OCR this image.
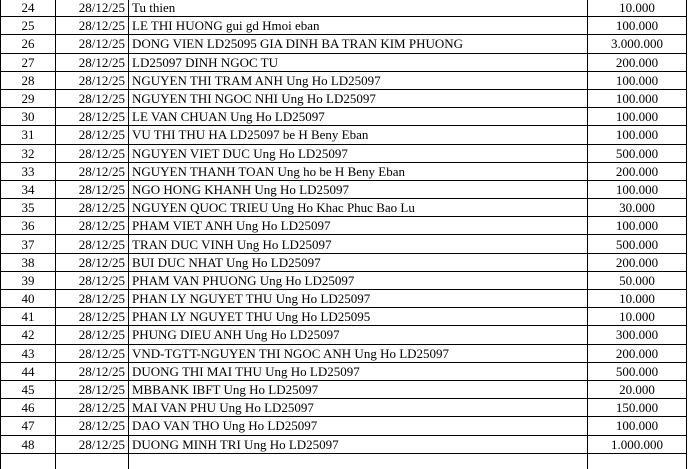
24	28/12/25	Tu thien	10.000
25	28/12/25	LE THI HUONG gui gd Hmoi eban	100.000
26	28/12/25	DONG VIEN LD25095 GIA DINH BA TRAN KIM PHUONG	3.000.000
27	28/12/25	LD25097 DINH NGOC TU	200.000
28	28/12/25	NGUYEN THI TRAM ANH Ung Ho LD25097	100.000
29	28/12/25	NGUYEN THI NGOC NHI Ung Ho LD25097	100.000
30	28/12/25	LE VAN CHUAN Ung Ho LD25097	100.000
31	28/12/25	VU THI THU HA LD25097 be H Beny Eban	100.000
32	28/12/25	NGUYEN VIET DUC Ung Ho LD25097	500.000
33	28/12/25	NGUYEN THANH TOAN Ung ho be H Beny Eban	200.000
34	28/12/25	NGO HONG KHANH Ung Ho LD25097	100.000
35	28/12/25	NGUYEN QUOC TRIEU Ung Ho Khac Phuc Bao Lu	30.000
36	28/12/25	PHAM VIET ANH Ung Ho LD25097	100.000
37	28/12/25	TRAN DUC VINH Ung Ho LD25097	500.000
38	28/12/25	BUI DUC NHAT Ung Ho LD25097	200.000
39	28/12/25	PHAM VAN PHUONG Ung Ho LD25097	50.000
40	28/12/25	PHAN LY NGUYET THU Ung Ho LD25097	10.000
41	28/12/25	PHAN LY NGUYET THU Ung Ho LD25095	10.000
42	28/12/25	PHUNG DIEU ANH Ung Ho LD25097	300.000
43	28/12/25	VND-TGTT-NGUYEN THI NGOC ANH Ung Ho LD25097	200.000
44	28/12/25	DUONG THI MAI THU Ung Ho LD25097	500.000
45	28/12/25	MBBANK IBFT Ung Ho LD25097	20.000
46	28/12/25	MAI VAN PHU Ung Ho LD25097	150.000
47	28/12/25	DAO VAN THO Ung Ho LD25097	100.000
48	28/12/25	DUONG MINH TRI Ung Ho LD25097	1.000.000
